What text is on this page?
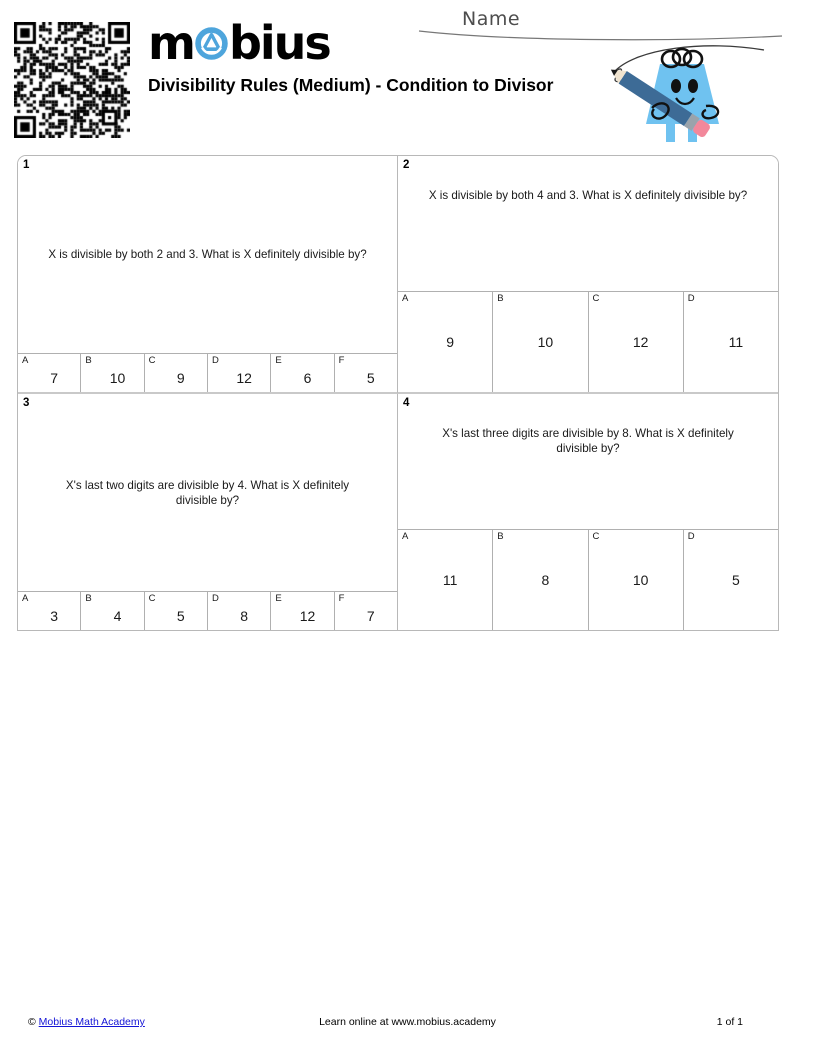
m bius
Divisibility Rules (Medium) - Condition to Divisor
Name
1
X is divisible by both 2 and 3. What is X definitely divisible by?
A
7
B
10
C
9
D
12
E
6
F
5
2
X is divisible by both 4 and 3. What is X definitely divisible by?
A
9
B
10
C
12
D
11
3
X's last two digits are divisible by 4. What is X definitely divisible by?
A
3
B
4
C
5
D
8
E
12
F
7
4
X's last three digits are divisible by 8. What is X definitely divisible by?
A
11
B
8
C
10
D
5
© Mobius Math Academy	Learn online at www.mobius.academy	1 of 1
